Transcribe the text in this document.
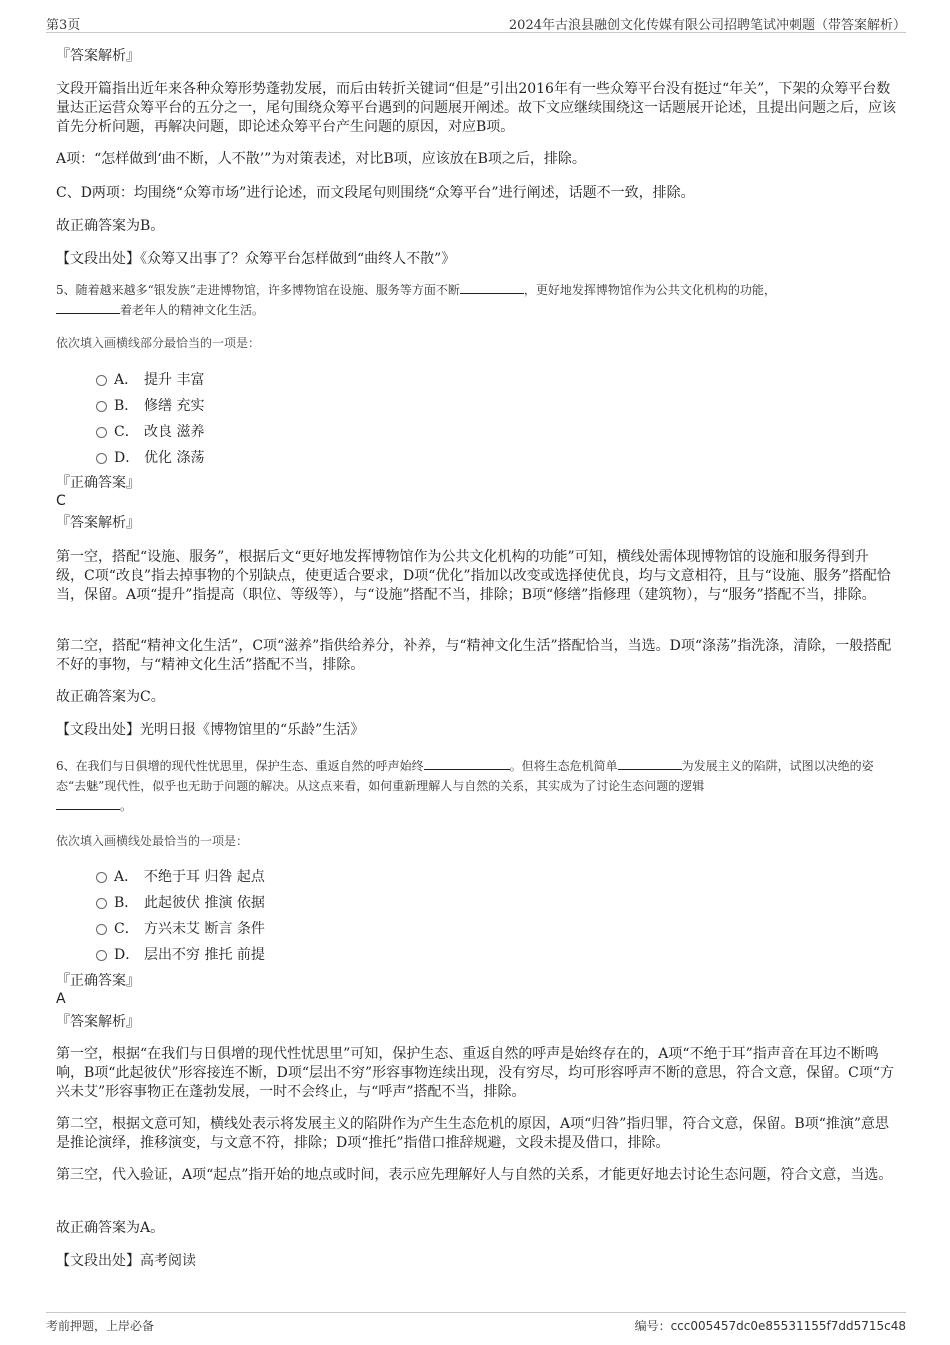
第3页	2024年古浪县融创文化传媒有限公司招聘笔试冲刺题（带答案解析）
『答案解析』
文段开篇指出近年来各种众筹形势蓬勃发展，而后由转折关键词“但是”引出2016年有一些众筹平台没有挺过“年关”，下架的众筹平台数量达正运营众筹平台的五分之一，尾句围绕众筹平台遇到的问题展开阐述。故下文应继续围绕这一话题展开论述，且提出问题之后，应该首先分析问题，再解决问题，即论述众筹平台产生问题的原因，对应B项。
A项：“怎样做到‘曲不断，人不散’”为对策表述，对比B项，应该放在B项之后，排除。
C、D两项：均围绕“众筹市场”进行论述，而文段尾句则围绕“众筹平台”进行阐述，话题不一致，排除。
故正确答案为B。
【文段出处】《众筹又出事了？众筹平台怎样做到“曲终人不散”》
5、随着越来越多“银发族”走进博物馆，许多博物馆在设施、服务等方面不断	，更好地发挥博物馆作为公共文化机构的功能，
着老年人的精神文化生活。
依次填入画横线部分最恰当的一项是：
A． 提升 丰富
B． 修缮 充实
C． 改良 滋养
D． 优化 涤荡
『正确答案』
C
『答案解析』
第一空，搭配“设施、服务”，根据后文“更好地发挥博物馆作为公共文化机构的功能”可知，横线处需体现博物馆的设施和服务得到升级，C项“改良”指去掉事物的个别缺点，使更适合要求，D项“优化”指加以改变或选择使优良，均与文意相符，且与“设施、服务”搭配恰当，保留。A项“提升”指提高（职位、等级等），与“设施”搭配不当，排除；B项“修缮”指修理（建筑物），与“服务”搭配不当，排除。
第二空，搭配“精神文化生活”，C项“滋养”指供给养分，补养，与“精神文化生活”搭配恰当，当选。D项“涤荡”指洗涤，清除，一般搭配不好的事物，与“精神文化生活”搭配不当，排除。
故正确答案为C。
【文段出处】光明日报《博物馆里的“乐龄”生活》
6、在我们与日俱增的现代性忧思里，保护生态、重返自然的呼声始终	。但将生态危机简单	为发展主义的陷阱，试图以决绝的姿态“去魅”现代性，似乎也无助于问题的解决。从这点来看，如何重新理解人与自然的关系，其实成为了讨论生态问题的逻辑
。
依次填入画横线处最恰当的一项是：
A． 不绝于耳 归咎 起点
B． 此起彼伏 推演 依据
C． 方兴未艾 断言 条件
D． 层出不穷 推托 前提
『正确答案』
A
『答案解析』
第一空，根据“在我们与日俱增的现代性忧思里”可知，保护生态、重返自然的呼声是始终存在的，A项“不绝于耳”指声音在耳边不断鸣响，B项“此起彼伏”形容接连不断，D项“层出不穷”形容事物连续出现，没有穷尽，均可形容呼声不断的意思，符合文意，保留。C项“方兴未艾”形容事物正在蓬勃发展，一时不会终止，与“呼声”搭配不当，排除。
第二空，根据文意可知，横线处表示将发展主义的陷阱作为产生生态危机的原因，A项“归咎”指归罪，符合文意，保留。B项“推演”意思是推论演绎，推移演变，与文意不符，排除；D项“推托”指借口推辞规避，文段未提及借口，排除。
第三空，代入验证，A项“起点”指开始的地点或时间，表示应先理解好人与自然的关系，才能更好地去讨论生态问题，符合文意，当选。
故正确答案为A。
【文段出处】高考阅读
考前押题，上岸必备	编号：ccc005457dc0e85531155f7dd5715c48
